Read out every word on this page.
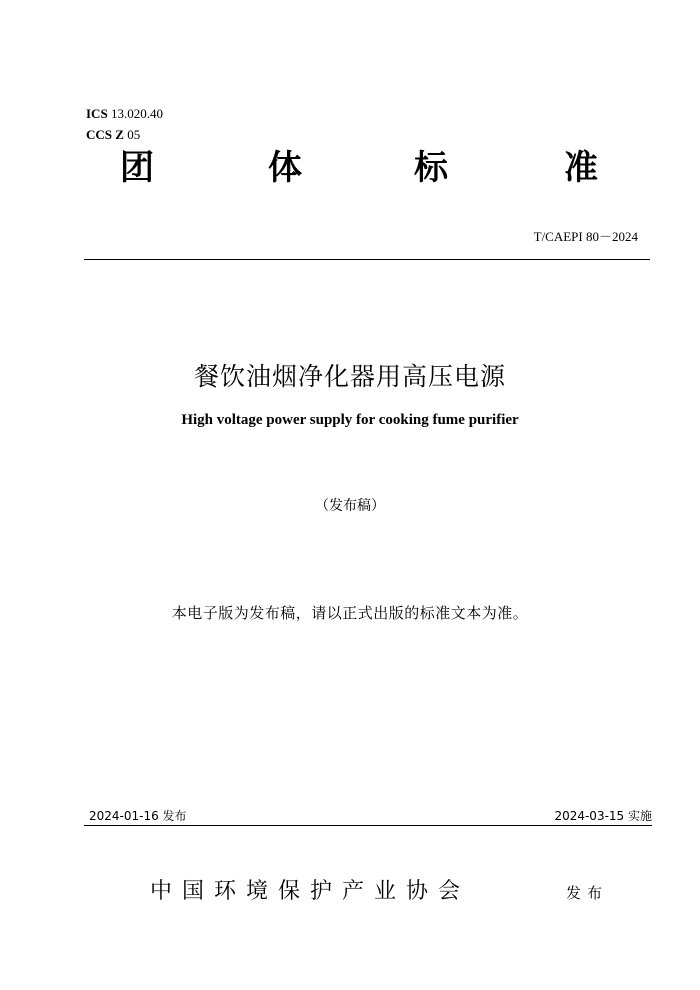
ICS 13.020.40
CCS Z 05
团	体	标	准
T/CAEPI 80－2024
餐饮油烟净化器用高压电源
High voltage power supply for cooking fume purifier
（发布稿）
本电子版为发布稿，请以正式出版的标准文本为准。
2024-01-16 发布	2024-03-15 实施
中国环境保护产业协会	发布
